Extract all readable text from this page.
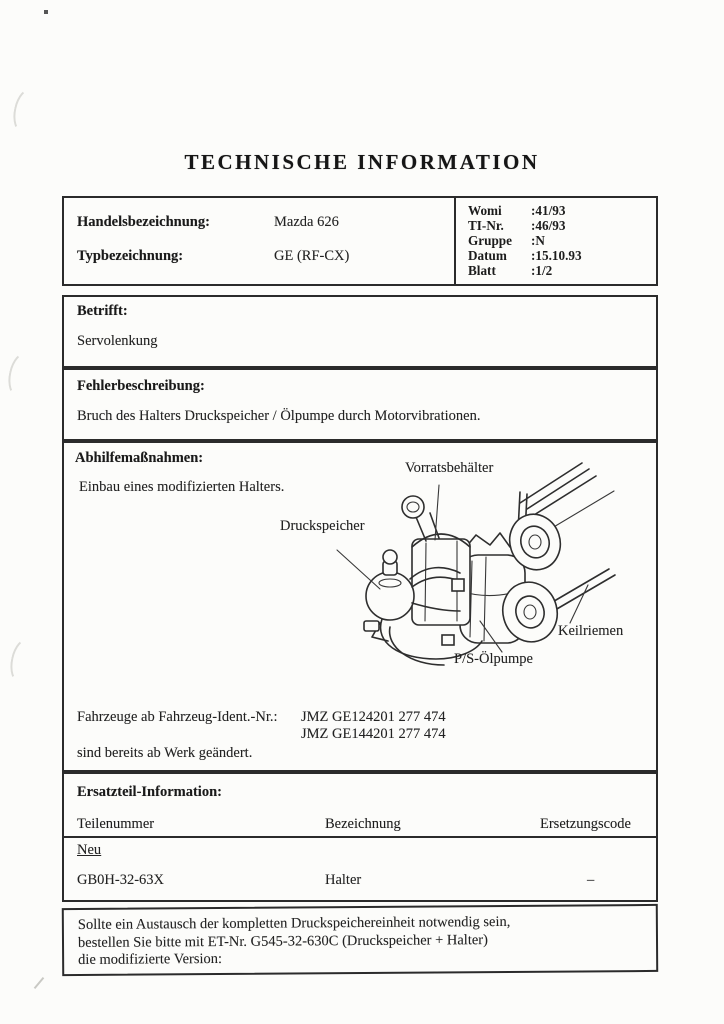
TECHNISCHE INFORMATION
Handelsbezeichnung:	Mazda 626
Typbezeichnung:	GE (RF-CX)
Womi	:41/93
TI-Nr.	:46/93
Gruppe	:N
Datum	:15.10.93
Blatt	:1/2
Betrifft:
Servolenkung
Fehlerbeschreibung:
Bruch des Halters Druckspeicher / Ölpumpe durch Motorvibrationen.
Abhilfemaßnahmen:
Einbau eines modifizierten Halters.
Vorratsbehälter
Druckspeicher
Keilriemen
P/S-Ölpumpe
Fahrzeuge ab Fahrzeug-Ident.-Nr.: JMZ GE124201 277 474
JMZ GE144201 277 474
sind bereits ab Werk geändert.
Ersatzteil-Information:
Teilenummer	Bezeichnung	Ersetzungscode
Neu
GB0H-32-63X	Halter	–
Sollte ein Austausch der kompletten Druckspeichereinheit notwendig sein,
bestellen Sie bitte mit ET-Nr. G545-32-630C (Druckspeicher + Halter)
die modifizierte Version:
